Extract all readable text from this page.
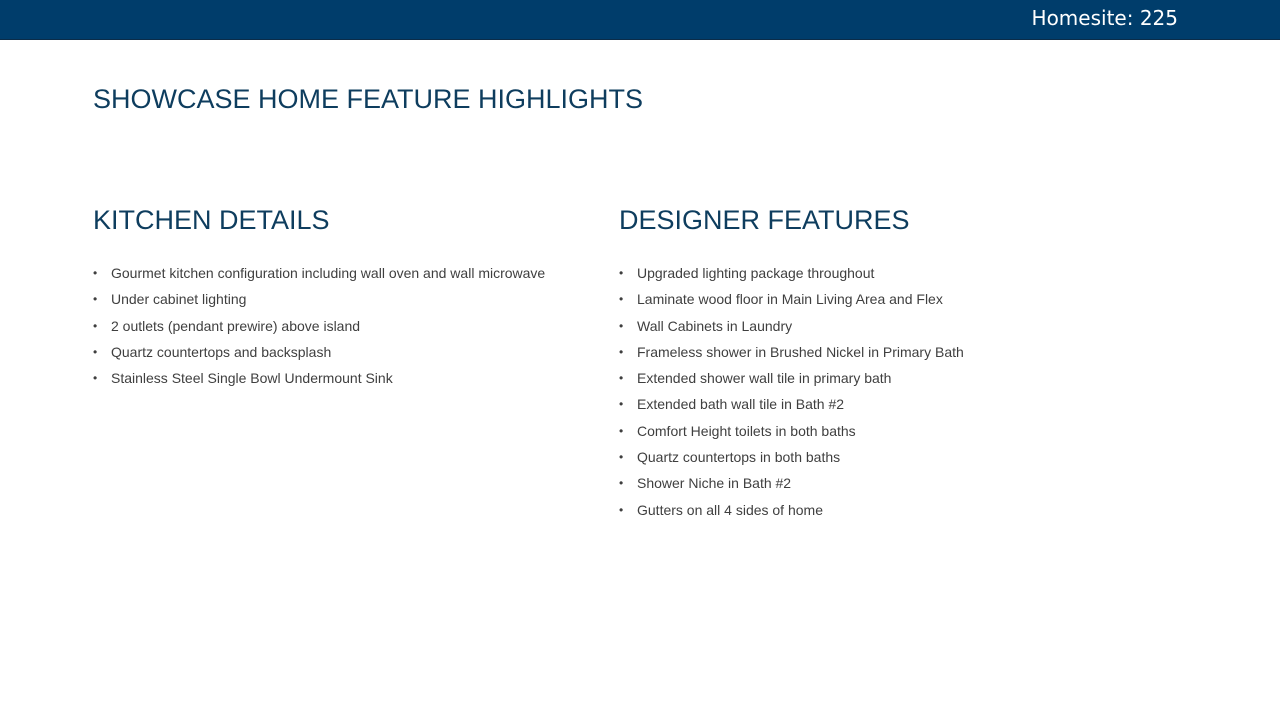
Homesite: 225
SHOWCASE HOME FEATURE HIGHLIGHTS
KITCHEN DETAILS
• Gourmet kitchen configuration including wall oven and wall microwave
• Under cabinet lighting
• 2 outlets (pendant prewire) above island
• Quartz countertops and backsplash
• Stainless Steel Single Bowl Undermount Sink
DESIGNER FEATURES
• Upgraded lighting package throughout
• Laminate wood floor in Main Living Area and Flex
• Wall Cabinets in Laundry
• Frameless shower in Brushed Nickel in Primary Bath
• Extended shower wall tile in primary bath
• Extended bath wall tile in Bath #2
• Comfort Height toilets in both baths
• Quartz countertops in both baths
• Shower Niche in Bath #2
• Gutters on all 4 sides of home
